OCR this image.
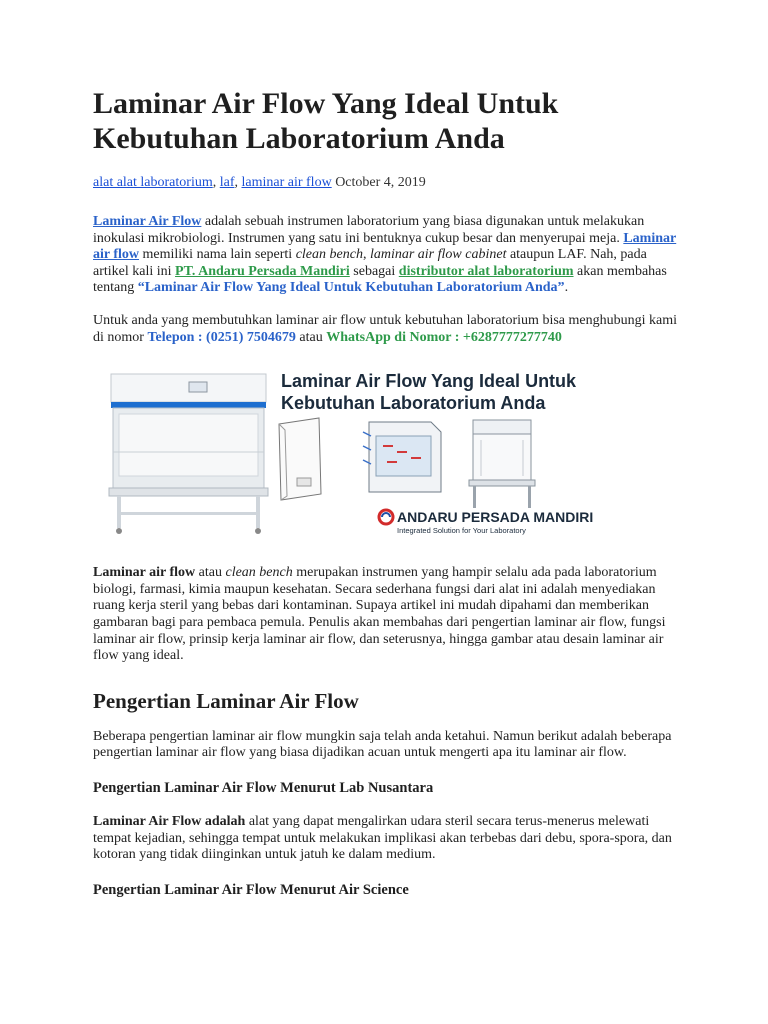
Laminar Air Flow Yang Ideal Untuk Kebutuhan Laboratorium Anda
alat alat laboratorium, laf, laminar air flow October 4, 2019

Laminar Air Flow adalah sebuah instrumen laboratorium yang biasa digunakan untuk melakukan inokulasi mikrobiologi. Instrumen yang satu ini bentuknya cukup besar dan menyerupai meja. Laminar air flow memiliki nama lain seperti clean bench, laminar air flow cabinet ataupun LAF. Nah, pada artikel kali ini PT. Andaru Persada Mandiri sebagai distributor alat laboratorium akan membahas tentang “Laminar Air Flow Yang Ideal Untuk Kebutuhan Laboratorium Anda”.

Untuk anda yang membutuhkan laminar air flow untuk kebutuhan laboratorium bisa menghubungi kami di nomor Telepon : (0251) 7504679 atau WhatsApp di Nomor : +6287777277740

Laminar Air Flow Yang Ideal Untuk
Kebutuhan Laboratorium Anda
ANDARU PERSADA MANDIRI
Integrated Solution for Your Laboratory

Laminar air flow atau clean bench merupakan instrumen yang hampir selalu ada pada laboratorium biologi, farmasi, kimia maupun kesehatan. Secara sederhana fungsi dari alat ini adalah menyediakan ruang kerja steril yang bebas dari kontaminan. Supaya artikel ini mudah dipahami dan memberikan gambaran bagi para pembaca pemula. Penulis akan membahas dari pengertian laminar air flow, fungsi laminar air flow, prinsip kerja laminar air flow, dan seterusnya, hingga gambar atau desain laminar air flow yang ideal.

Pengertian Laminar Air Flow

Beberapa pengertian laminar air flow mungkin saja telah anda ketahui. Namun berikut adalah beberapa pengertian laminar air flow yang biasa dijadikan acuan untuk mengerti apa itu laminar air flow.

Pengertian Laminar Air Flow Menurut Lab Nusantara

Laminar Air Flow adalah alat yang dapat mengalirkan udara steril secara terus-menerus melewati tempat kejadian, sehingga tempat untuk melakukan implikasi akan terbebas dari debu, spora-spora, dan kotoran yang tidak diinginkan untuk jatuh ke dalam medium.

Pengertian Laminar Air Flow Menurut Air Science
